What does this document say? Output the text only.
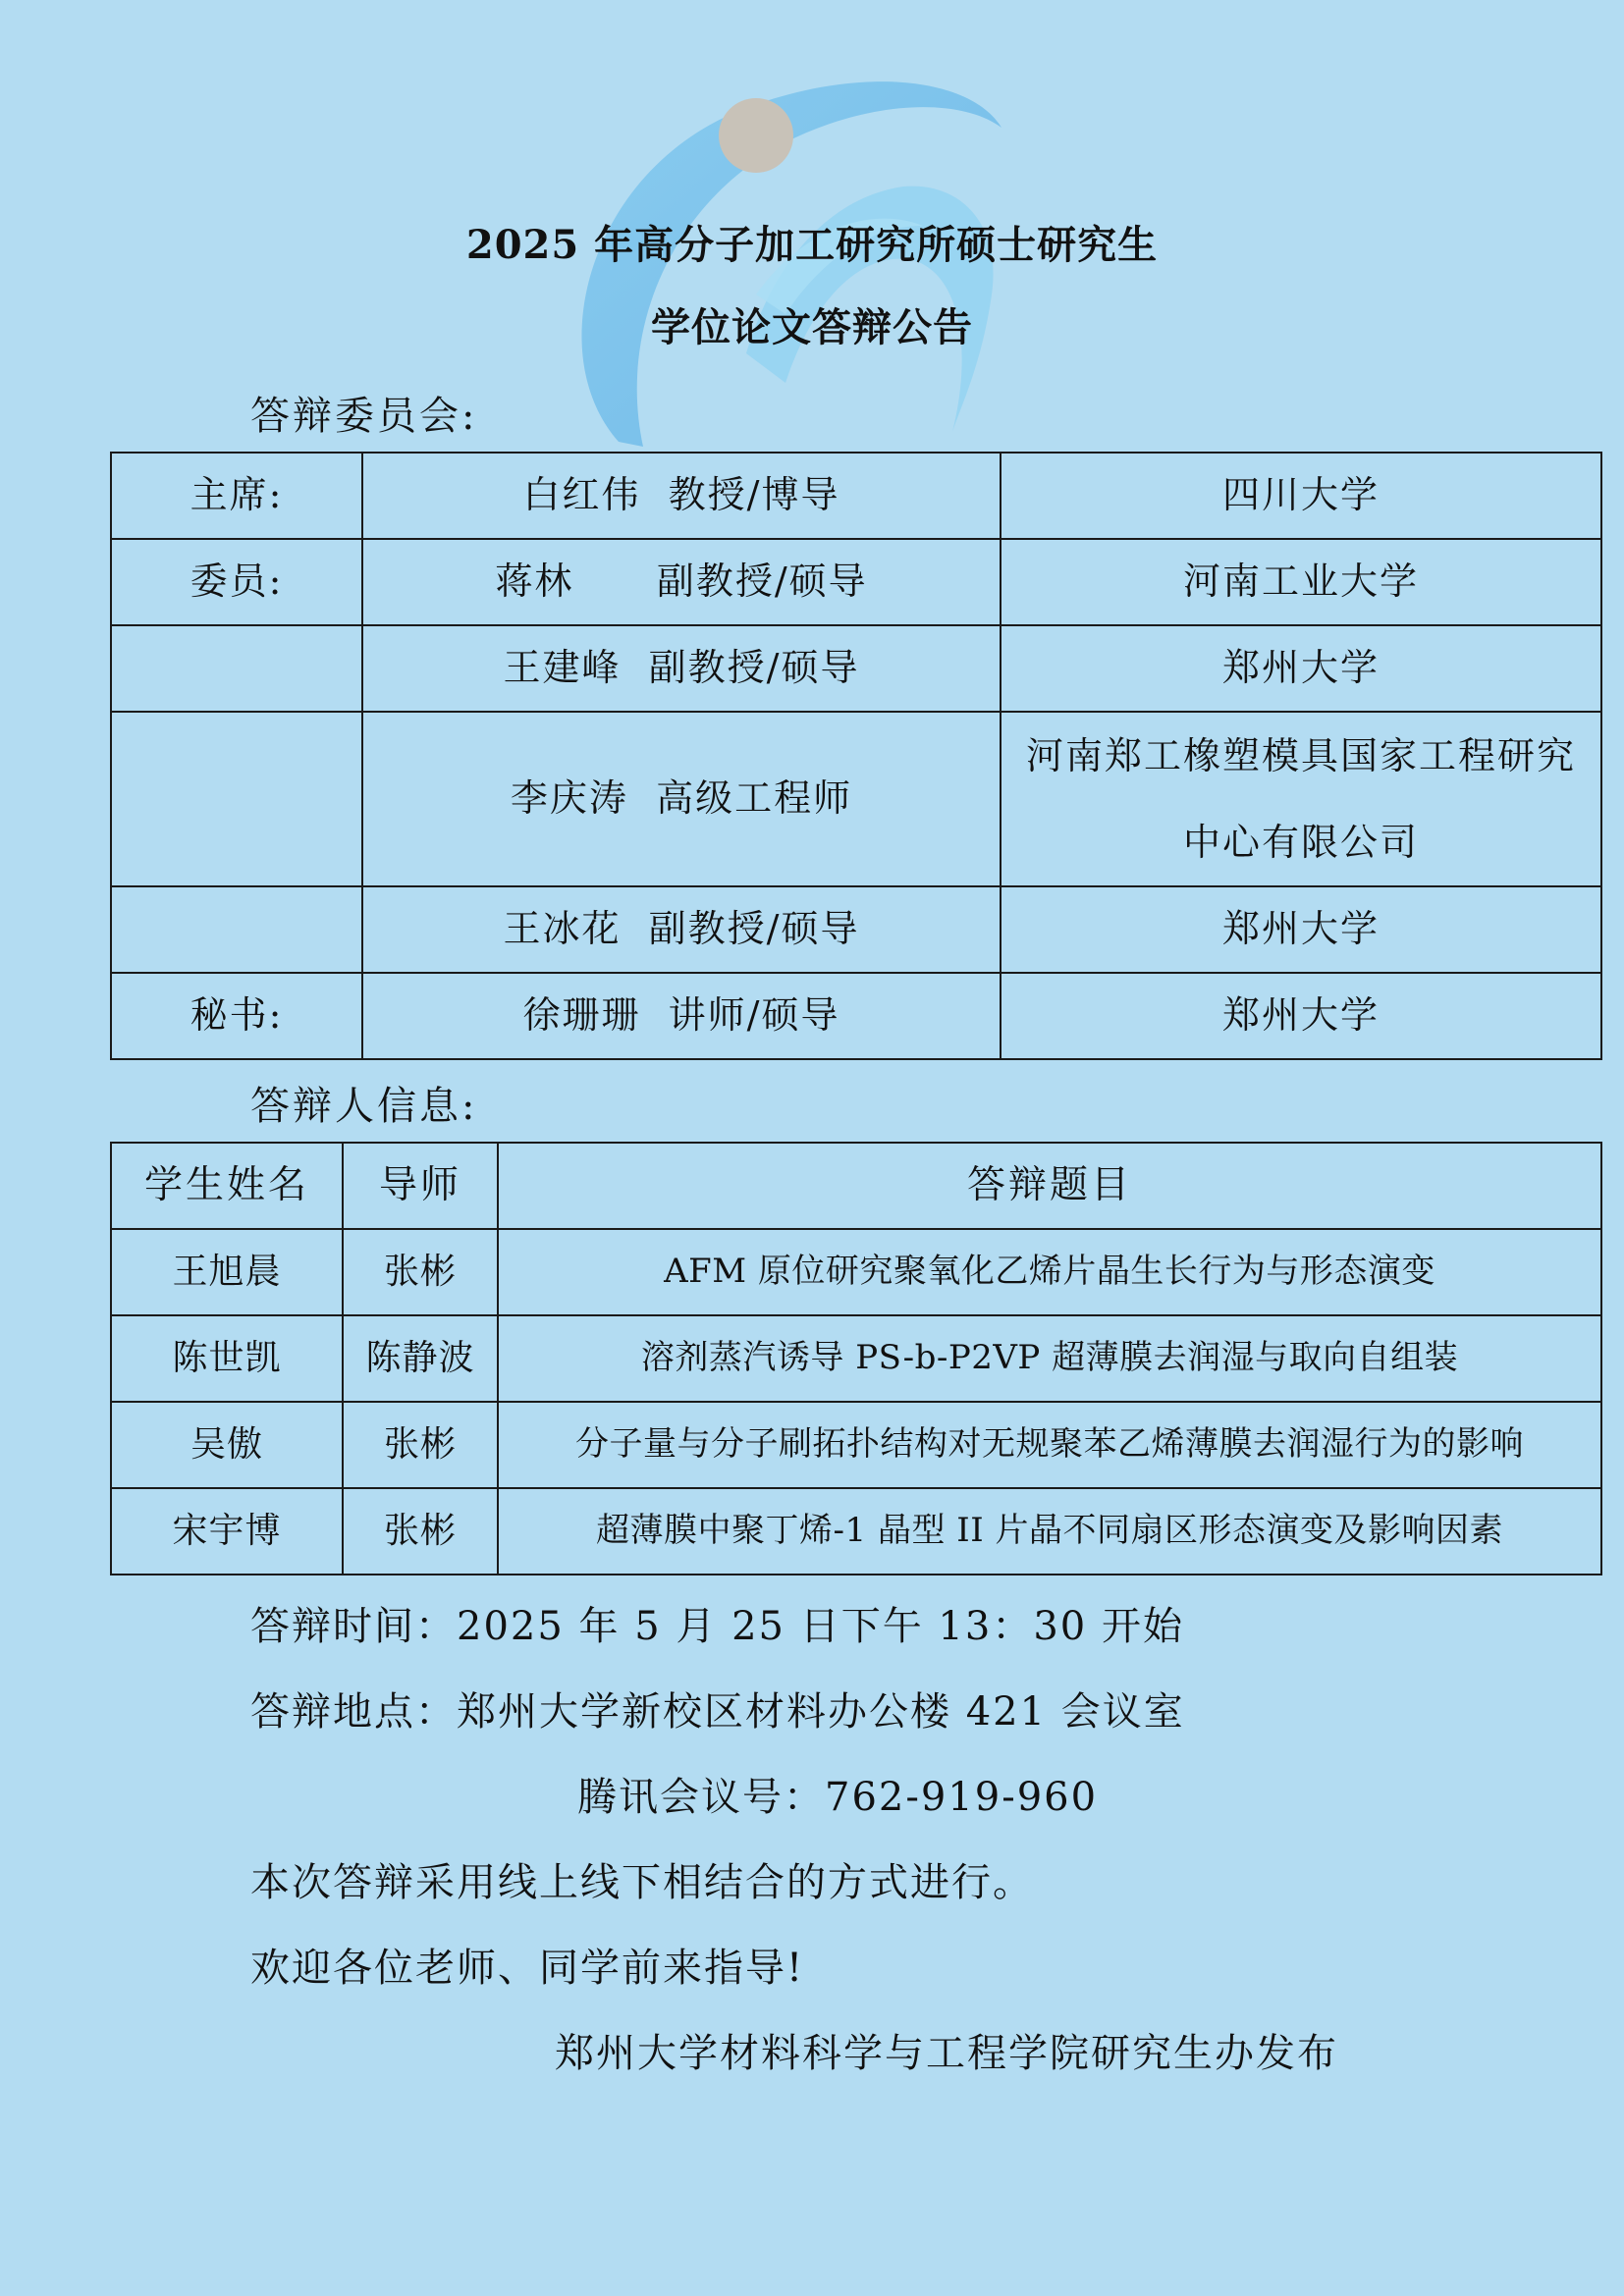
2025 年高分子加工研究所硕士研究生
学位论文答辩公告
答辩委员会:
主席:	白红伟  教授/博导	四川大学
委员:	蒋林      副教授/硕导	河南工业大学
	王建峰  副教授/硕导	郑州大学
	李庆涛  高级工程师	河南郑工橡塑模具国家工程研究中心有限公司
	王冰花  副教授/硕导	郑州大学
秘书:	徐珊珊  讲师/硕导	郑州大学
答辩人信息:
学生姓名	导师	答辩题目
王旭晨	张彬	AFM 原位研究聚氧化乙烯片晶生长行为与形态演变
陈世凯	陈静波	溶剂蒸汽诱导 PS-b-P2VP 超薄膜去润湿与取向自组装
吴傲	张彬	分子量与分子刷拓扑结构对无规聚苯乙烯薄膜去润湿行为的影响
宋宇博	张彬	超薄膜中聚丁烯-1 晶型 II 片晶不同扇区形态演变及影响因素
答辩时间：2025 年 5 月 25 日下午 13：30 开始
答辩地点：郑州大学新校区材料办公楼 421 会议室
腾讯会议号：762-919-960
本次答辩采用线上线下相结合的方式进行。
欢迎各位老师、同学前来指导!
郑州大学材料科学与工程学院研究生办发布
